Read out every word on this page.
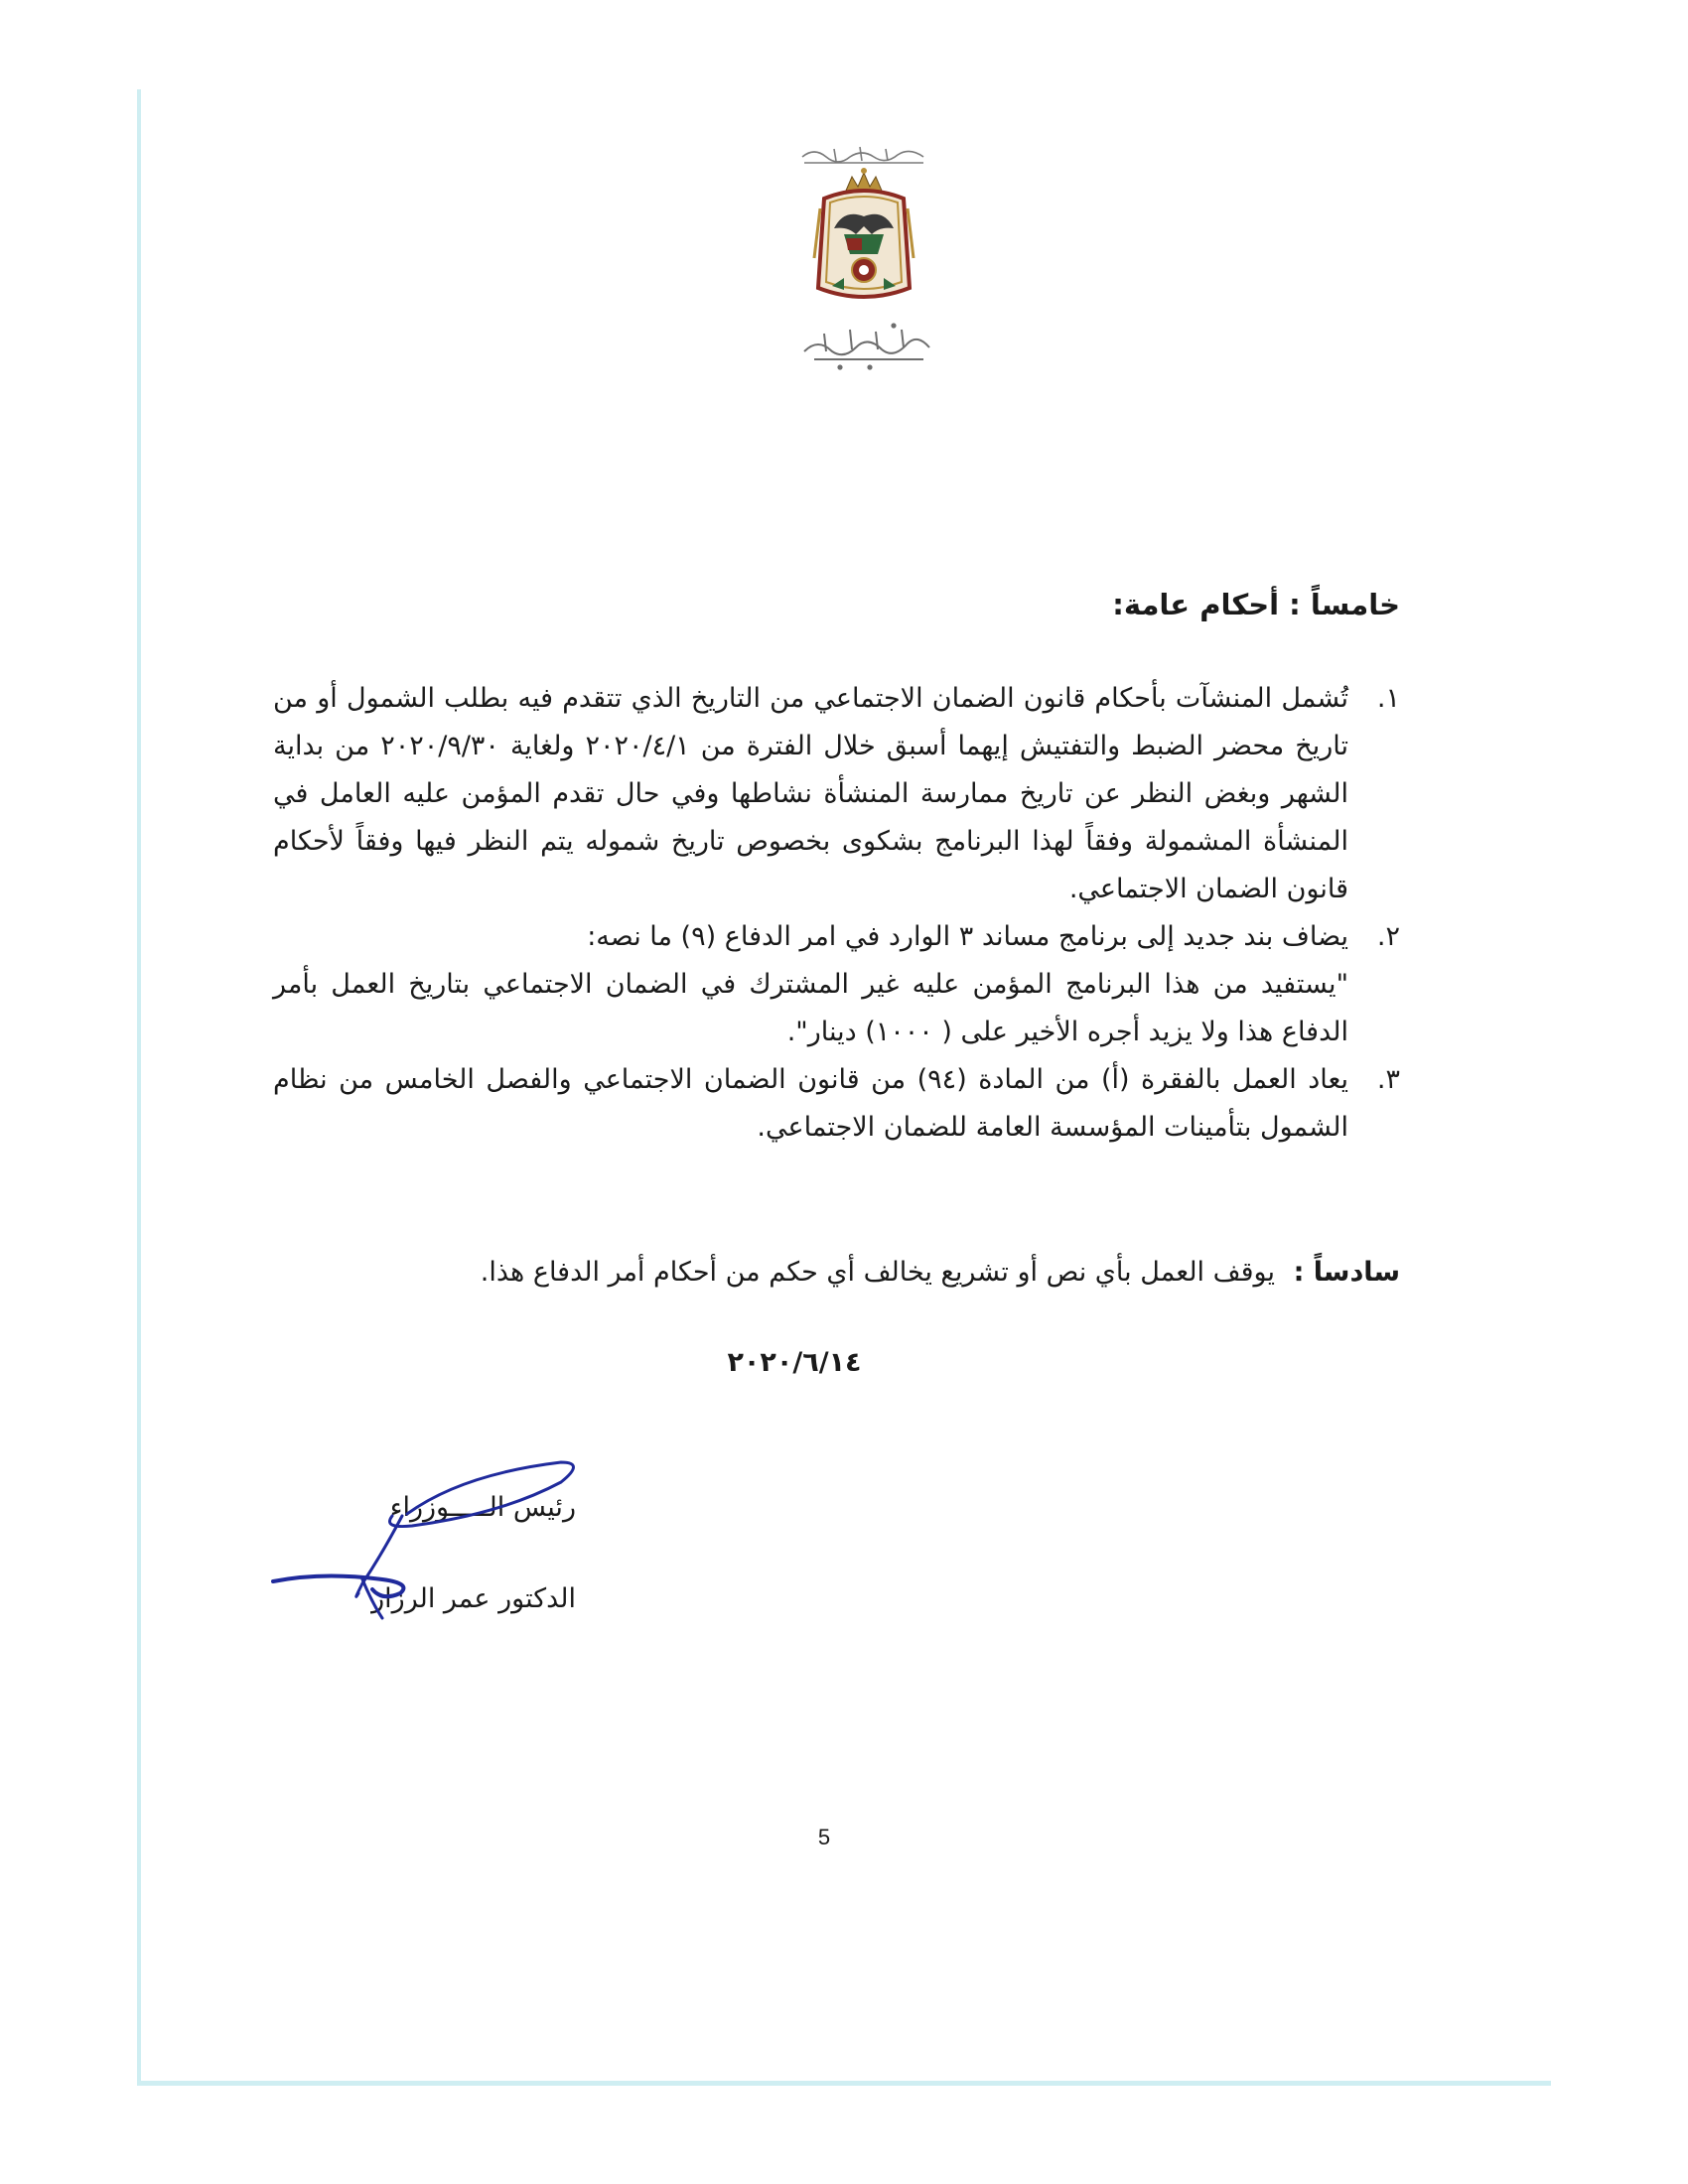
خامساً : أحكام عامة:
١.

تُشمل المنشآت بأحكام قانون الضمان الاجتماعي من التاريخ الذي تتقدم فيه بطلب الشمول أو من تاريخ محضر الضبط والتفتيش إيهما أسبق خلال الفترة من ٢٠٢٠/٤/١ ولغاية ٢٠٢٠/٩/٣٠ من بداية الشهر وبغض النظر عن تاريخ ممارسة المنشأة نشاطها وفي حال تقدم المؤمن عليه العامل في المنشأة المشمولة وفقاً لهذا البرنامج بشكوى بخصوص تاريخ شموله يتم النظر فيها وفقاً لأحكام قانون الضمان الاجتماعي.

٢.

يضاف بند جديد إلى برنامج مساند ٣ الوارد في امر الدفاع (٩) ما نصه:

"يستفيد من هذا البرنامج المؤمن عليه غير المشترك في الضمان الاجتماعي بتاريخ العمل بأمر الدفاع هذا ولا يزيد أجره الأخير على ( ١٠٠٠) دينار".

٣.

يعاد العمل بالفقرة (أ) من المادة (٩٤) من قانون الضمان الاجتماعي والفصل الخامس من نظام الشمول بتأمينات المؤسسة العامة للضمان الاجتماعي.

سادساً : يوقف العمل بأي نص أو تشريع يخالف أي حكم من أحكام أمر الدفاع هذا.
٢٠٢٠/٦/١٤
رئيس الـــــوزراء
الدكتور عمر الرزاز
5
